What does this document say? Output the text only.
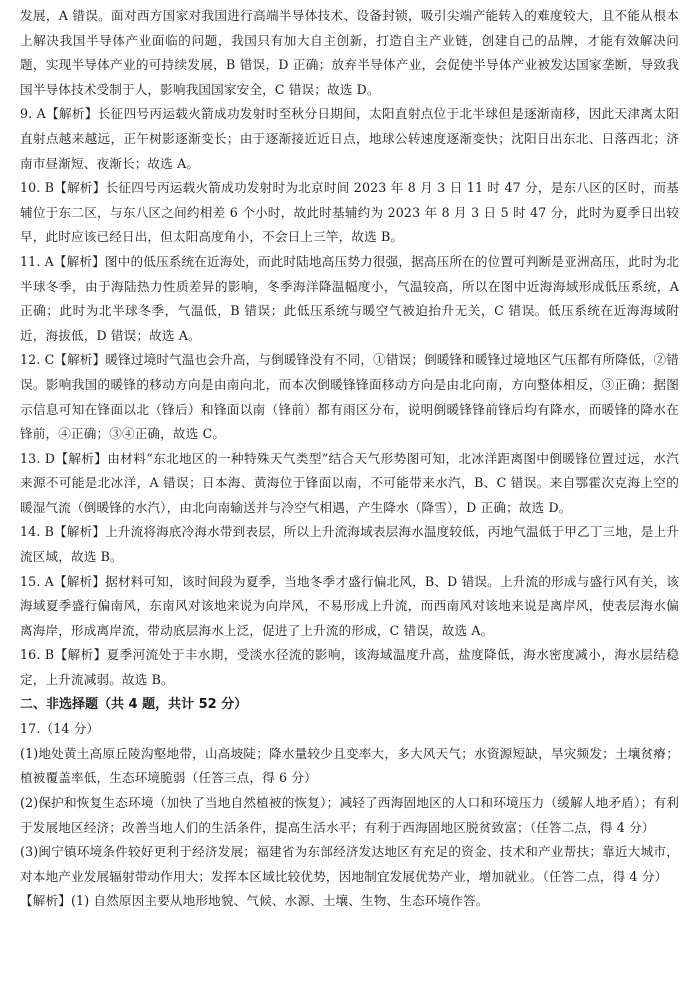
发展，A 错误。面对西方国家对我国进行高端半导体技术、设备封锁，吸引尖端产能转入的难度较大，且不能从根本上解决我国半导体产业面临的问题，我国只有加大自主创新，打造自主产业链，创建自己的品牌，才能有效解决问题，实现半导体产业的可持续发展，B 错误，D 正确；放弃半导体产业，会促使半导体产业被发达国家垄断，导致我国半导体技术受制于人，影响我国国家安全，C 错误；故选 D。

9. A【解析】长征四号丙运载火箭成功发射时至秋分日期间，太阳直射点位于北半球但是逐渐南移，因此天津离太阳直射点越来越远，正午树影逐渐变长；由于逐渐接近近日点，地球公转速度逐渐变快；沈阳日出东北、日落西北；济南市昼渐短、夜渐长；故选 A。

10. B【解析】长征四号丙运载火箭成功发射时为北京时间 2023 年 8 月 3 日 11 时 47 分，是东八区的区时，而基辅位于东二区，与东八区之间约相差 6 个小时，故此时基辅约为 2023 年 8 月 3 日 5 时 47 分，此时为夏季日出较早，此时应该已经日出，但太阳高度角小，不会日上三竿，故选 B。

11. A【解析】图中的低压系统在近海处，而此时陆地高压势力很强，据高压所在的位置可判断是亚洲高压，此时为北半球冬季，由于海陆热力性质差异的影响，冬季海洋降温幅度小，气温较高，所以在图中近海海域形成低压系统，A 正确；此时为北半球冬季，气温低，B 错误；此低压系统与暖空气被迫抬升无关，C 错误。低压系统在近海海域附近，海拔低，D 错误；故选 A。

12. C【解析】暖锋过境时气温也会升高，与倒暖锋没有不同，①错误；倒暖锋和暖锋过境地区气压都有所降低，②错误。影响我国的暖锋的移动方向是由南向北，而本次倒暖锋锋面移动方向是由北向南，方向整体相反，③正确；据图示信息可知在锋面以北（锋后）和锋面以南（锋前）都有雨区分布，说明倒暖锋锋前锋后均有降水，而暖锋的降水在锋前，④正确；③④正确，故选 C。

13. D【解析】由材料“东北地区的一种特殊天气类型”结合天气形势图可知，北冰洋距离图中倒暖锋位置过远，水汽来源不可能是北冰洋，A 错误；日本海、黄海位于锋面以南，不可能带来水汽，B、C 错误。来自鄂霍次克海上空的暖湿气流（倒暖锋的水汽），由北向南输送并与冷空气相遇，产生降水（降雪），D 正确；故选 D。

14. B【解析】上升流将海底冷海水带到表层，所以上升流海域表层海水温度较低，丙地气温低于甲乙丁三地，是上升流区域，故选 B。

15. A【解析】据材料可知，该时间段为夏季，当地冬季才盛行偏北风，B、D 错误。上升流的形成与盛行风有关，该海域夏季盛行偏南风，东南风对该地来说为向岸风，不易形成上升流，而西南风对该地来说是离岸风，使表层海水偏离海岸，形成离岸流，带动底层海水上泛，促进了上升流的形成，C 错误，故选 A。

16. B【解析】夏季河流处于丰水期，受淡水径流的影响，该海域温度升高，盐度降低，海水密度减小，海水层结稳定，上升流减弱。故选 B。

二、非选择题（共 4 题，共计 52 分）

17.（14 分）

(1)地处黄土高原丘陵沟壑地带，山高坡陡；降水量较少且变率大，多大风天气；水资源短缺，旱灾频发；土壤贫瘠；植被覆盖率低，生态环境脆弱（任答三点，得 6 分）

(2)保护和恢复生态环境（加快了当地自然植被的恢复）；减轻了西海固地区的人口和环境压力（缓解人地矛盾）；有利于发展地区经济；改善当地人们的生活条件，提高生活水平；有利于西海固地区脱贫致富；（任答二点，得 4 分）

(3)闽宁镇环境条件较好更利于经济发展；福建省为东部经济发达地区有充足的资金、技术和产业帮扶；靠近大城市，对本地产业发展辐射带动作用大；发挥本区域比较优势，因地制宜发展优势产业，增加就业。（任答二点，得 4 分）

【解析】(1) 自然原因主要从地形地貌、气候、水源、土壤、生物、生态环境作答。
